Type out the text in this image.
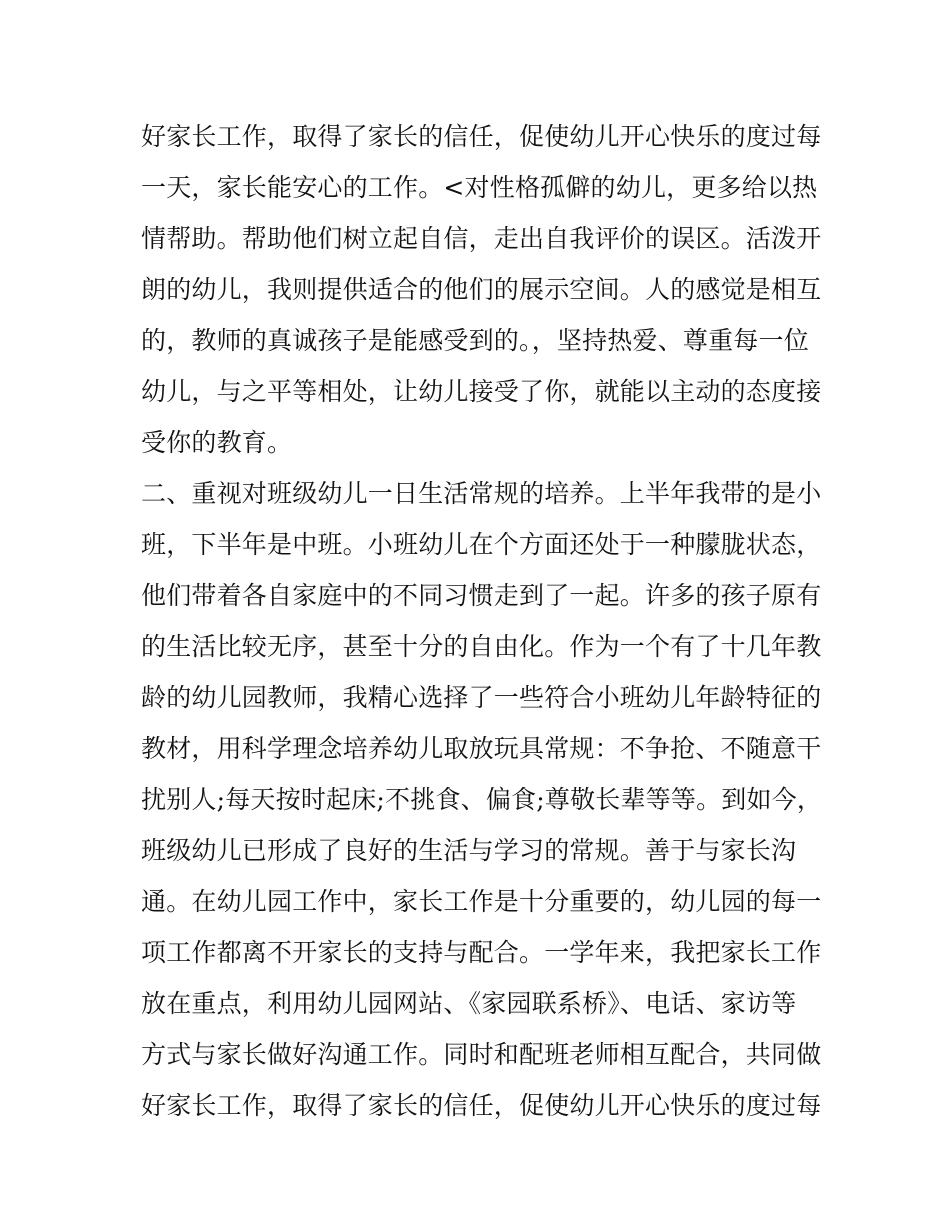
好家长工作，取得了家长的信任，促使幼儿开心快乐的度过每
一天，家长能安心的工作。<对性格孤僻的幼儿，更多给以热
情帮助。帮助他们树立起自信，走出自我评价的误区。活泼开
朗的幼儿，我则提供适合的他们的展示空间。人的感觉是相互
的，教师的真诚孩子是能感受到的。，坚持热爱、尊重每一位
幼儿，与之平等相处，让幼儿接受了你，就能以主动的态度接
受你的教育。
二、重视对班级幼儿一日生活常规的培养。上半年我带的是小
班，下半年是中班。小班幼儿在个方面还处于一种朦胧状态，
他们带着各自家庭中的不同习惯走到了一起。许多的孩子原有
的生活比较无序，甚至十分的自由化。作为一个有了十几年教
龄的幼儿园教师，我精心选择了一些符合小班幼儿年龄特征的
教材，用科学理念培养幼儿取放玩具常规：不争抢、不随意干
扰别人;每天按时起床;不挑食、偏食;尊敬长辈等等。到如今，
班级幼儿已形成了良好的生活与学习的常规。善于与家长沟
通。在幼儿园工作中，家长工作是十分重要的，幼儿园的每一
项工作都离不开家长的支持与配合。一学年来，我把家长工作
放在重点，利用幼儿园网站、《家园联系桥》、电话、家访等
方式与家长做好沟通工作。同时和配班老师相互配合，共同做
好家长工作，取得了家长的信任，促使幼儿开心快乐的度过每
